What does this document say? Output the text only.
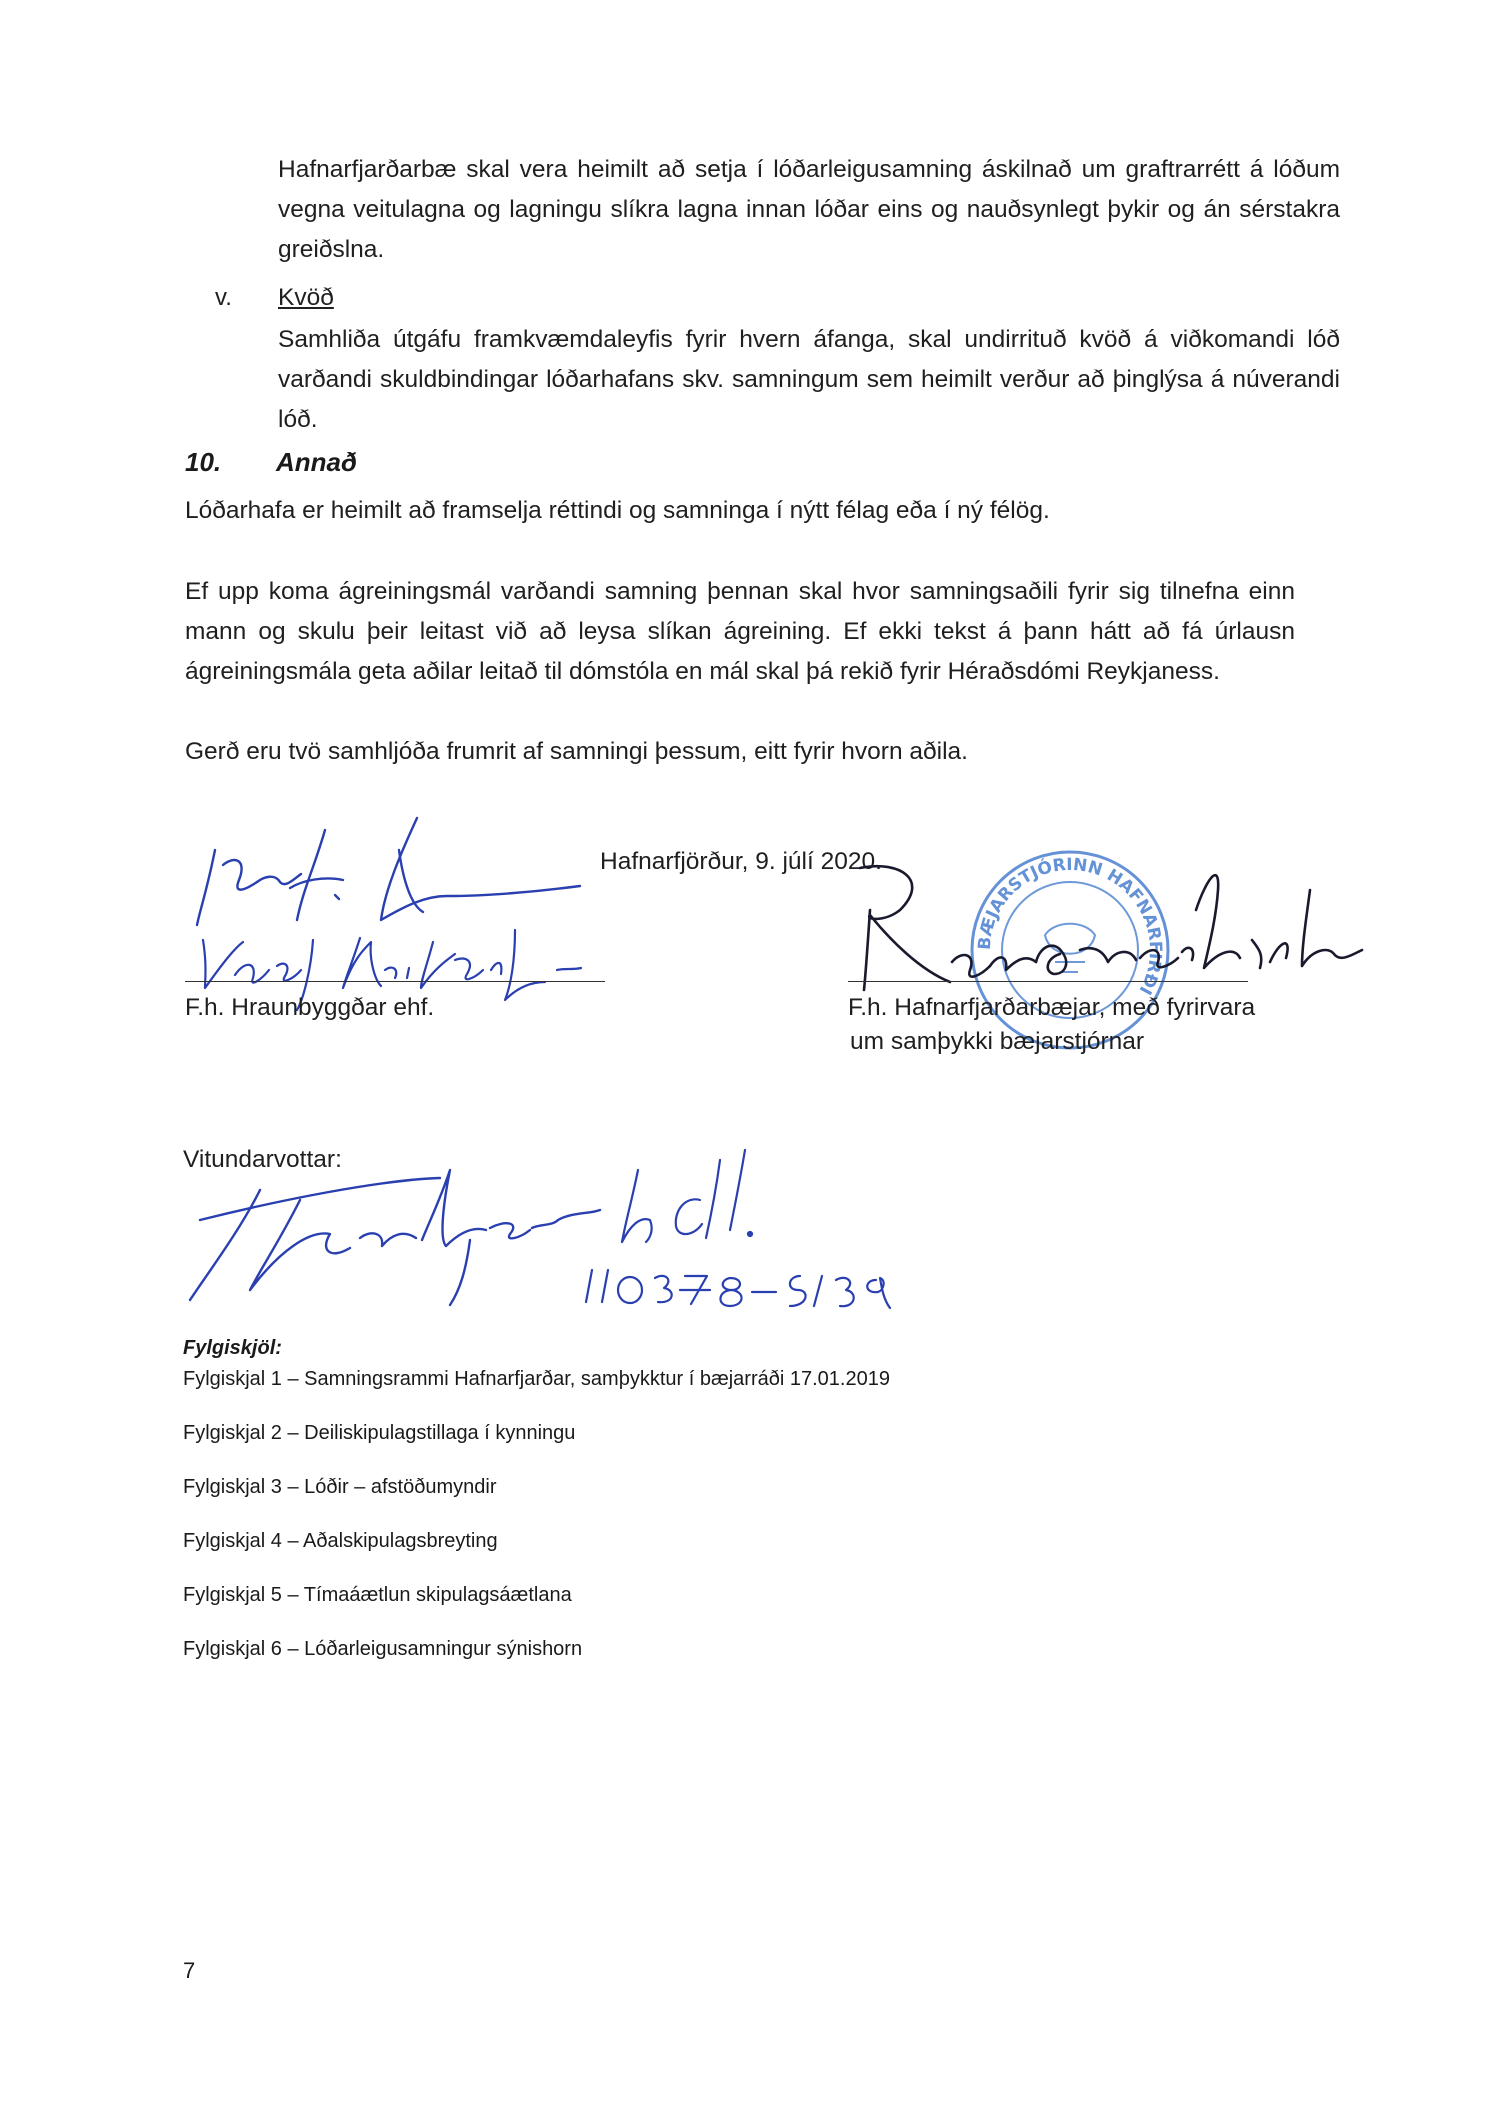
Hafnarfjarðarbæ skal vera heimilt að setja í lóðarleigusamning áskilnað um graftrarrétt á lóðum vegna veitulagna og lagningu slíkra lagna innan lóðar eins og nauðsynlegt þykir og án sérstakra greiðslna.

v. Kvöð

Samhliða útgáfu framkvæmdaleyfis fyrir hvern áfanga, skal undirrituð kvöð á viðkomandi lóð varðandi skuldbindingar lóðarhafans skv. samningum sem heimilt verður að þinglýsa á núverandi lóð.

10. Annað

Lóðarhafa er heimilt að framselja réttindi og samninga í nýtt félag eða í ný félög.

Ef upp koma ágreiningsmál varðandi samning þennan skal hvor samningsaðili fyrir sig tilnefna einn mann og skulu þeir leitast við að leysa slíkan ágreining. Ef ekki tekst á þann hátt að fá úrlausn ágreiningsmála geta aðilar leitað til dómstóla en mál skal þá rekið fyrir Héraðsdómi Reykjaness.

Gerð eru tvö samhljóða frumrit af samningi þessum, eitt fyrir hvorn aðila.

Hafnarfjörður, 9. júlí 2020.
F.h. Hraunbyggðar ehf.
BÆJARSTJÓRINN HAFNARFIRÐI
F.h. Hafnarfjarðarbæjar, með fyrirvara
um samþykki bæjarstjórnar
Vitundarvottar:
Fylgiskjöl:
Fylgiskjal 1 – Samningsrammi Hafnarfjarðar, samþykktur í bæjarráði 17.01.2019
Fylgiskjal 2 – Deiliskipulagstillaga í kynningu
Fylgiskjal 3 – Lóðir – afstöðumyndir
Fylgiskjal 4 – Aðalskipulagsbreyting
Fylgiskjal 5 – Tímaáætlun skipulagsáætlana
Fylgiskjal 6 – Lóðarleigusamningur sýnishorn
7
